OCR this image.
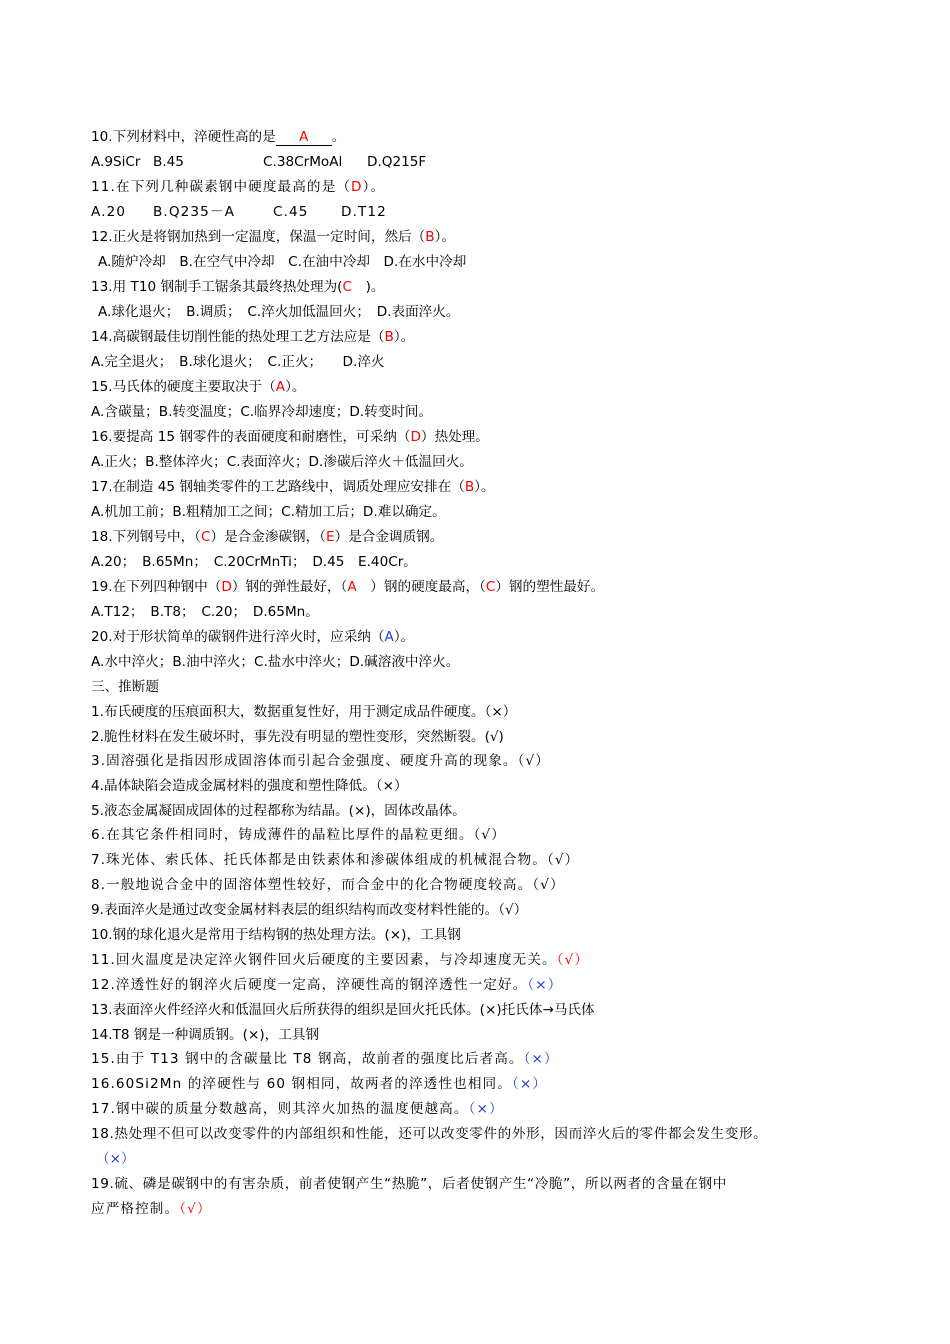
10.下列材料中，淬硬性高的是 A 。
A.9SiCr B.45	C.38CrMoAl D.Q215F
11.在下列几种碳素钢中硬度最高的是（D）。
A.20 B.Q235－A	C.45 D.T12
12.正火是将钢加热到一定温度，保温一定时间，然后（B）。
A.随炉冷却　B.在空气中冷却　C.在油中冷却　D.在水中冷却
13.用 T10 钢制手工锯条其最终热处理为(C　)。
A.球化退火；　B.调质；　C.淬火加低温回火；　D.表面淬火。
14.高碳钢最佳切削性能的热处理工艺方法应是（B）。
A.完全退火；　B.球化退火；　C.正火；　　D.淬火
15.马氏体的硬度主要取决于（A）。
A.含碳量；B.转变温度；C.临界冷却速度；D.转变时间。
16.要提高 15 钢零件的表面硬度和耐磨性，可采纳（D）热处理。
A.正火；B.整体淬火；C.表面淬火；D.渗碳后淬火＋低温回火。
17.在制造 45 钢轴类零件的工艺路线中，调质处理应安排在（B）。
A.机加工前；B.粗精加工之间；C.精加工后；D.难以确定。
18.下列钢号中，（C）是合金渗碳钢，（E）是合金调质钢。
A.20；　B.65Mn；　C.20CrMnTi；　D.45　E.40Cr。
19.在下列四种钢中（D）钢的弹性最好，（A　）钢的硬度最高，（C）钢的塑性最好。
A.T12；　B.T8；　C.20；　D.65Mn。
20.对于形状简单的碳钢件进行淬火时，应采纳（A）。
A.水中淬火；B.油中淬火；C.盐水中淬火；D.碱溶液中淬火。
三、推断题
1.布氏硬度的压痕面积大，数据重复性好，用于测定成品件硬度。（×）
2.脆性材料在发生破坏时，事先没有明显的塑性变形，突然断裂。(√)
3.固溶强化是指因形成固溶体而引起合金强度、硬度升高的现象。（√）
4.晶体缺陷会造成金属材料的强度和塑性降低。（×）
5.液态金属凝固成固体的过程都称为结晶。(×)，固体改晶体。
6.在其它条件相同时，铸成薄件的晶粒比厚件的晶粒更细。（√）
7.珠光体、索氏体、托氏体都是由铁素体和渗碳体组成的机械混合物。（√）
8.一般地说合金中的固溶体塑性较好，而合金中的化合物硬度较高。（√）
9.表面淬火是通过改变金属材料表层的组织结构而改变材料性能的。（√）
10.钢的球化退火是常用于结构钢的热处理方法。(×)，工具钢
11.回火温度是决定淬火钢件回火后硬度的主要因素，与冷却速度无关。（√）
12.淬透性好的钢淬火后硬度一定高，淬硬性高的钢淬透性一定好。（×）
13.表面淬火件经淬火和低温回火后所获得的组织是回火托氏体。(×)托氏体→马氏体
14.T8 钢是一种调质钢。(×)，工具钢
15.由于 T13 钢中的含碳量比 T8 钢高，故前者的强度比后者高。（×）
16.60Si2Mn 的淬硬性与 60 钢相同，故两者的淬透性也相同。（×）
17.钢中碳的质量分数越高，则其淬火加热的温度便越高。（×）
18.热处理不但可以改变零件的内部组织和性能，还可以改变零件的外形，因而淬火后的零件都会发生变形。
（×）
19.硫、磷是碳钢中的有害杂质，前者使钢产生“热脆”，后者使钢产生“冷脆”，所以两者的含量在钢中
应严格控制。（√）
